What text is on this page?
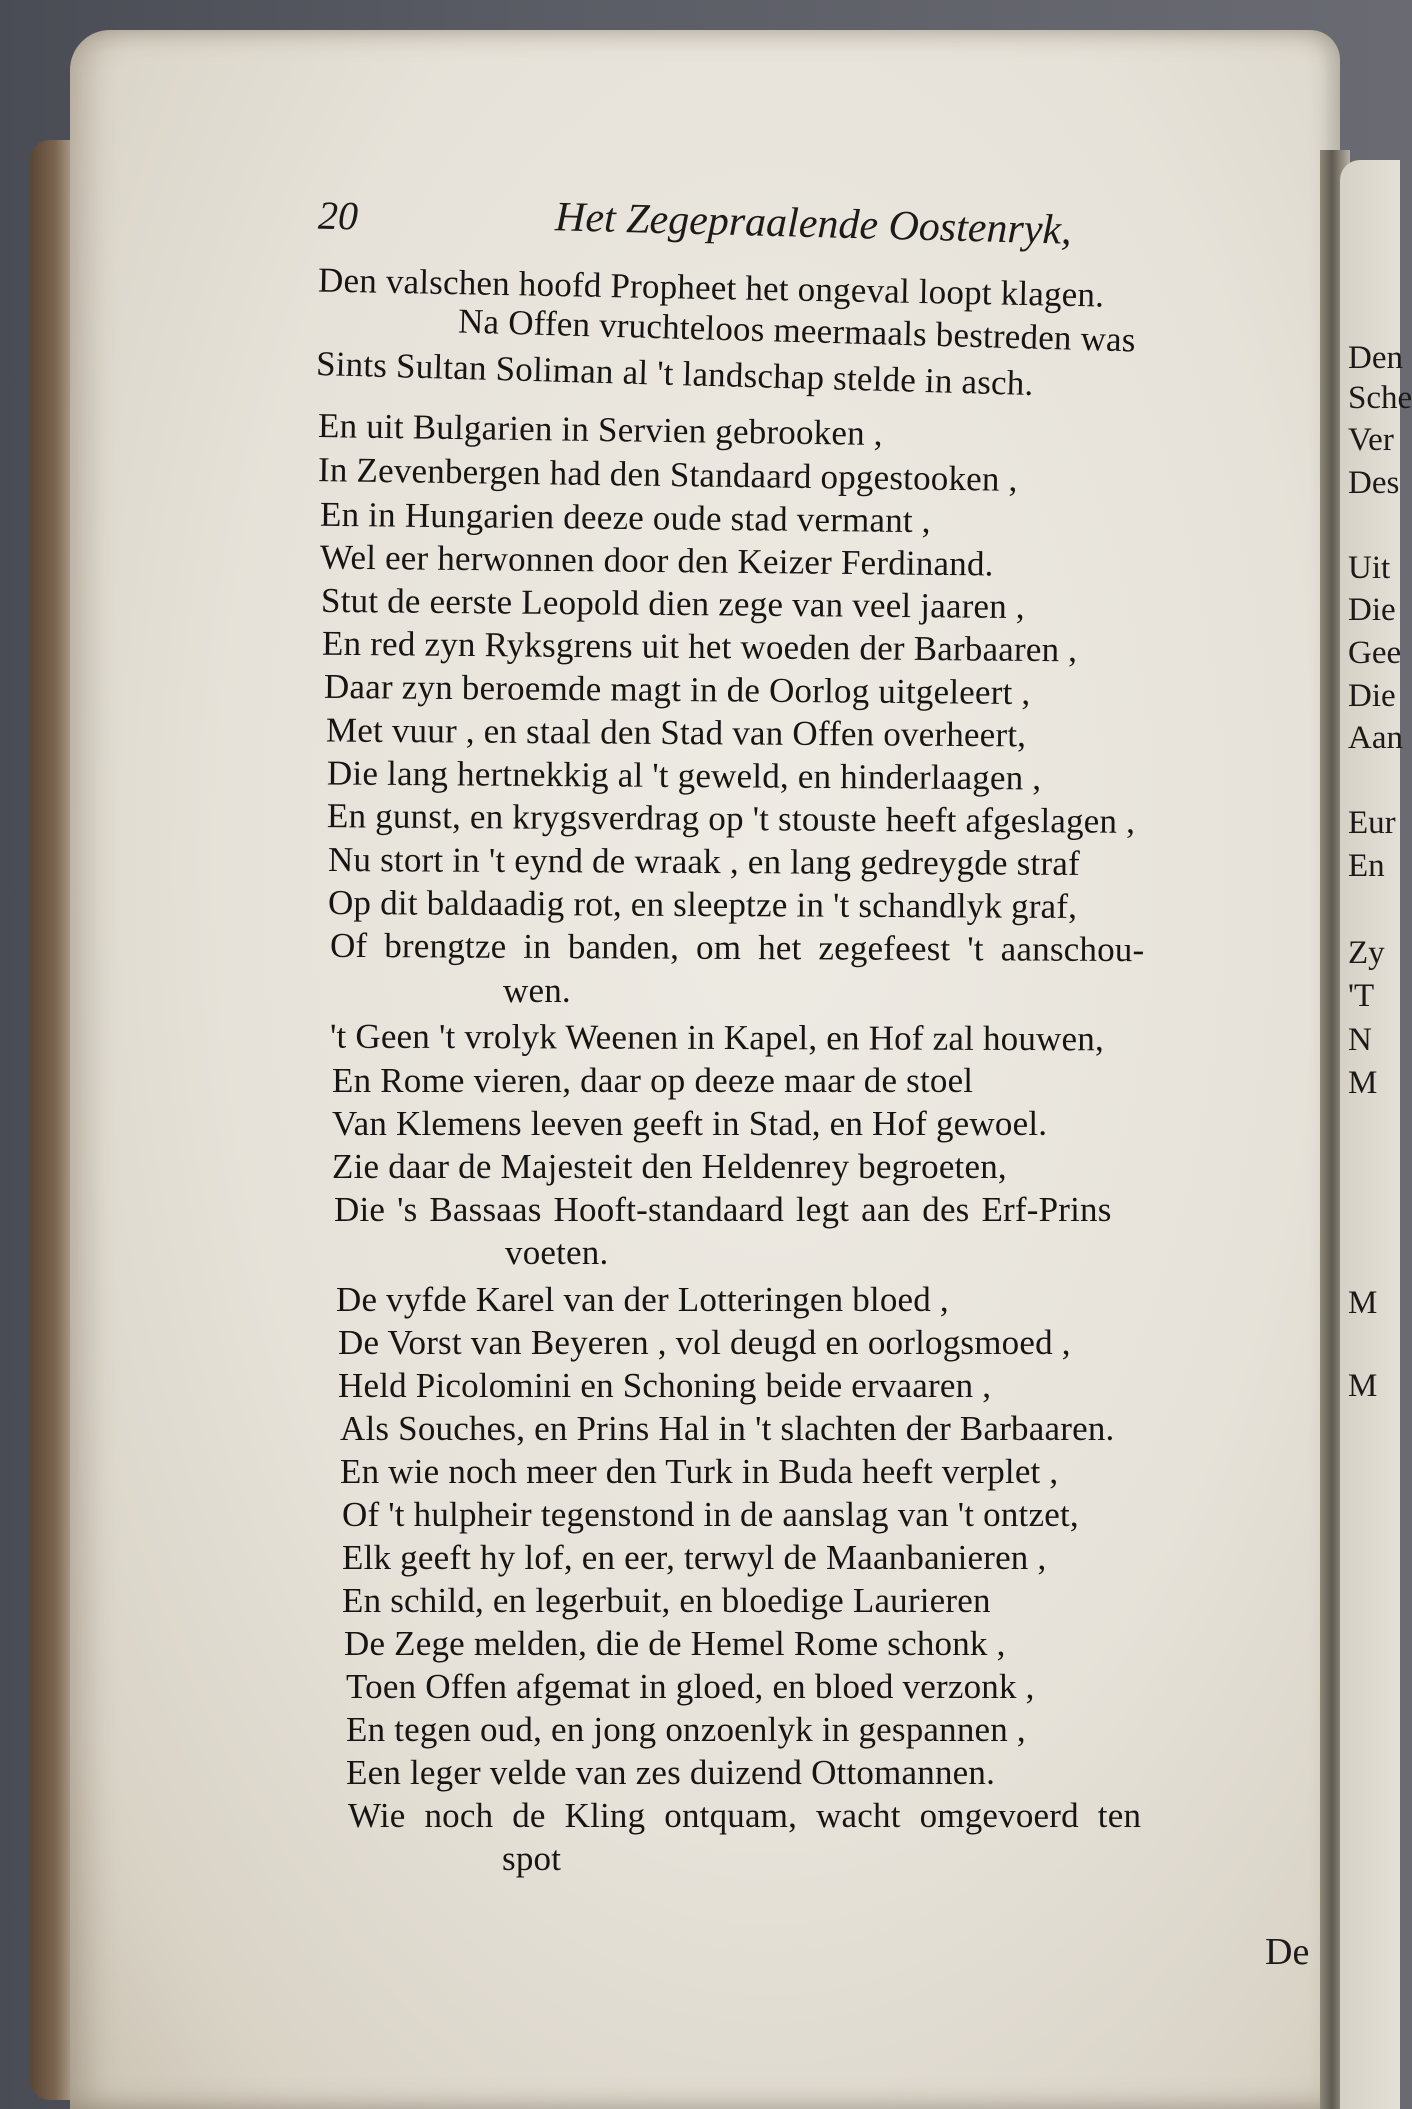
20	Het Zegepraalende Oostenryk,

Den valschen hoofd Propheet het ongeval loopt klagen.

Na Offen vruchteloos meermaals bestreden was

Sints Sultan Soliman al 't landschap stelde in asch.

En uit Bulgarien in Servien gebrooken ,

In Zevenbergen had den Standaard opgestooken ,

En in Hungarien deeze oude stad vermant ,

Wel eer herwonnen door den Keizer Ferdinand.

Stut de eerste Leopold dien zege van veel jaaren ,

En red zyn Ryksgrens uit het woeden der Barbaaren ,

Daar zyn beroemde magt in de Oorlog uitgeleert ,

Met vuur , en staal den Stad van Offen overheert,

Die lang hertnekkig al 't geweld, en hinderlaagen ,

En gunst, en krygsverdrag op 't stouste heeft afgeslagen ,

Nu stort in 't eynd de wraak , en lang gedreygde straf

Op dit baldaadig rot, en sleeptze in 't schandlyk graf,

Of brengtze in banden, om het zegefeest 't aanschou-

wen.

't Geen 't vrolyk Weenen in Kapel, en Hof zal houwen,

En Rome vieren, daar op deeze maar de stoel

Van Klemens leeven geeft in Stad, en Hof gewoel.

Zie daar de Majesteit den Heldenrey begroeten,

Die 's Bassaas Hooft-standaard legt aan des Erf-Prins

voeten.

De vyfde Karel van der Lotteringen bloed ,

De Vorst van Beyeren , vol deugd en oorlogsmoed ,

Held Picolomini en Schoning beide ervaaren ,

Als Souches, en Prins Hal in 't slachten der Barbaaren.

En wie noch meer den Turk in Buda heeft verplet ,

Of 't hulpheir tegenstond in de aanslag van 't ontzet,

Elk geeft hy lof, en eer, terwyl de Maanbanieren ,

En schild, en legerbuit, en bloedige Laurieren

De Zege melden, die de Hemel Rome schonk ,

Toen Offen afgemat in gloed, en bloed verzonk ,

En tegen oud, en jong onzoenlyk in gespannen ,

Een leger velde van zes duizend Ottomannen.

Wie noch de Kling ontquam, wacht omgevoerd ten

spot

De

Den

Sche

Ver

Des

Uit

Die

Gee

Die

Aan

Eur

En

Zy

'T

N

M

M

M
